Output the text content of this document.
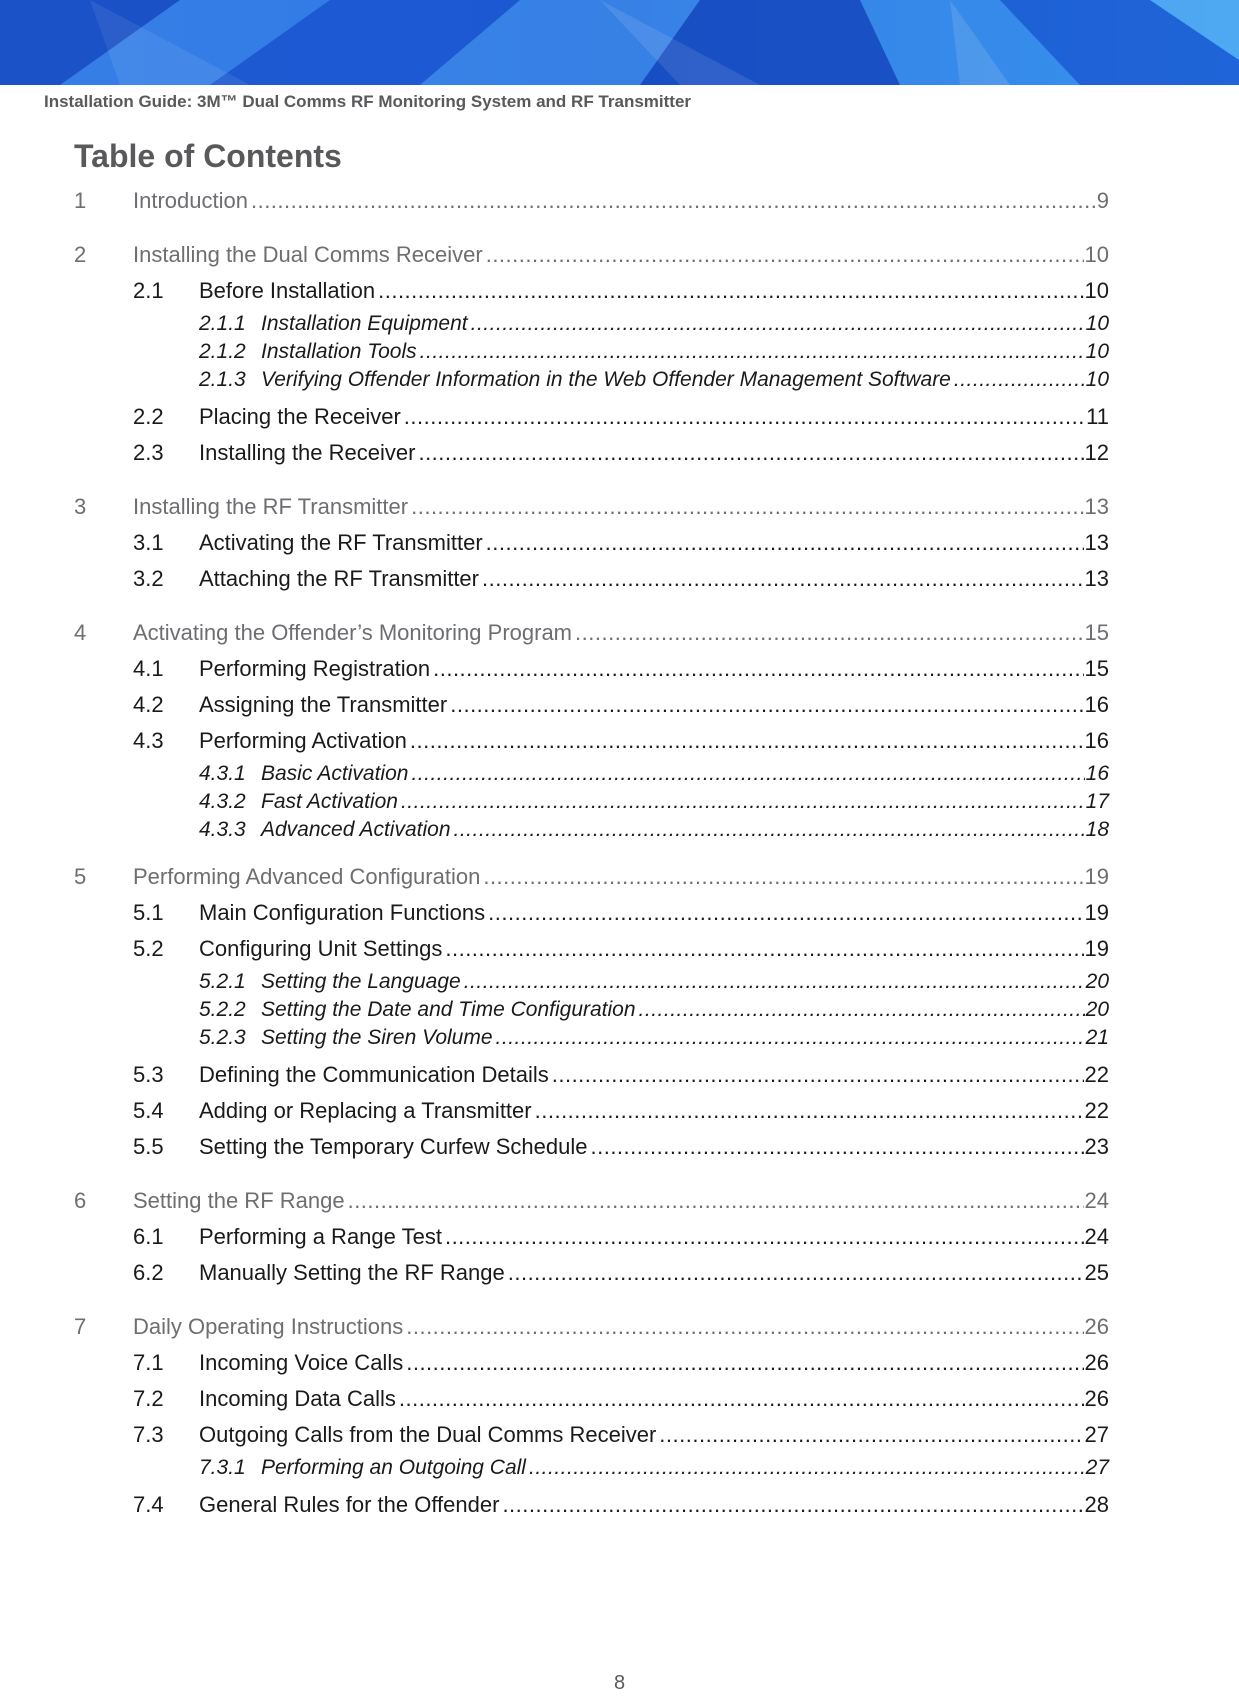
Installation Guide: 3M™ Dual Comms RF Monitoring System and RF Transmitter
Table of Contents
1	Introduction .....	9
2	Installing the Dual Comms Receiver .....	10
2.1	Before Installation .....	10
2.1.1 Installation Equipment .....	10
2.1.2 Installation Tools .....	10
2.1.3 Verifying Offender Information in the Web Offender Management Software .....	10
2.2	Placing the Receiver .....	11
2.3	Installing the Receiver .....	12
3	Installing the RF Transmitter .....	13
3.1	Activating the RF Transmitter .....	13
3.2	Attaching the RF Transmitter .....	13
4	Activating the Offender’s Monitoring Program .....	15
4.1	Performing Registration .....	15
4.2	Assigning the Transmitter .....	16
4.3	Performing Activation .....	16
4.3.1 Basic Activation .....	16
4.3.2 Fast Activation .....	17
4.3.3 Advanced Activation .....	18
5	Performing Advanced Configuration .....	19
5.1	Main Configuration Functions .....	19
5.2	Configuring Unit Settings .....	19
5.2.1 Setting the Language .....	20
5.2.2 Setting the Date and Time Configuration .....	20
5.2.3 Setting the Siren Volume .....	21
5.3	Defining the Communication Details .....	22
5.4	Adding or Replacing a Transmitter .....	22
5.5	Setting the Temporary Curfew Schedule .....	23
6	Setting the RF Range .....	24
6.1	Performing a Range Test .....	24
6.2	Manually Setting the RF Range .....	25
7	Daily Operating Instructions .....	26
7.1	Incoming Voice Calls .....	26
7.2	Incoming Data Calls .....	26
7.3	Outgoing Calls from the Dual Comms Receiver .....	27
7.3.1 Performing an Outgoing Call .....	27
7.4	General Rules for the Offender .....	28
8
